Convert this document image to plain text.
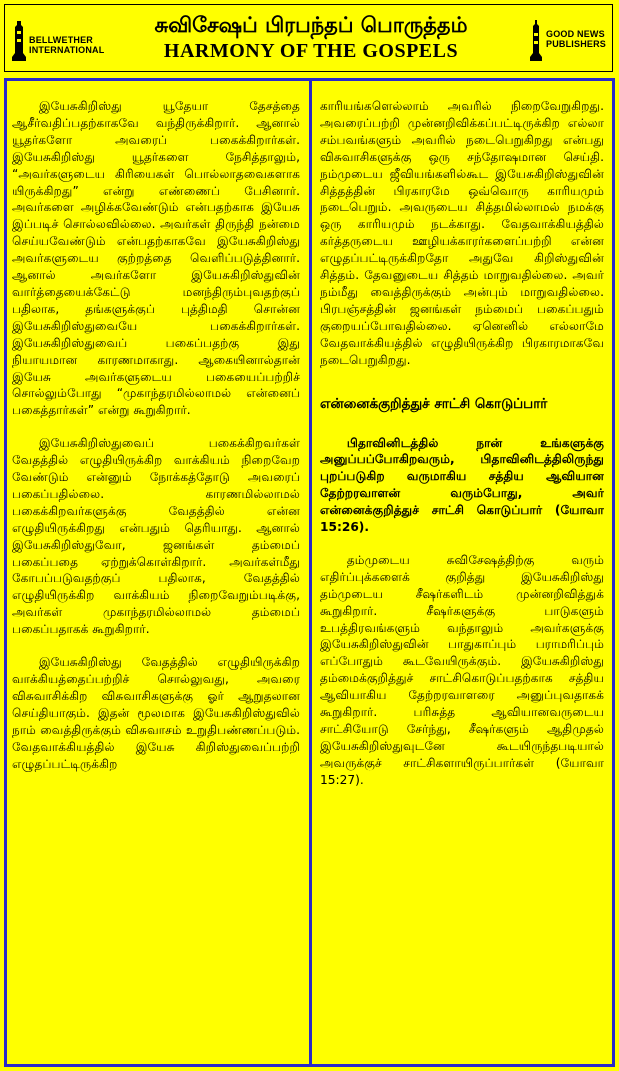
BELLWETHER
INTERNATIONAL
சுவிசேஷப் பிரபந்தப் பொருத்தம்
HARMONY OF THE GOSPELS
GOOD NEWS
PUBLISHERS

இயேசுகிறிஸ்து யூதேயா தேசத்தை ஆசீர்வதிப்பதற்காகவே வந்திருக்கிறார். ஆனால் யூதர்களோ அவரைப் பகைக்கிறார்கள். இயேசுகிறிஸ்து யூதர்களை நேசித்தாலும், “அவர்களுடைய கிரியைகள் பொல்லாதவைகளாக யிருக்கிறது” என்று எண்ணைப் பேசினார். அவர்களை அழிக்கவேண்டும் என்பதற்காக இயேசு இப்படிச் சொல்லவில்லை. அவர்கள் திருந்தி நன்மை செய்யவேண்டும் என்பதற்காகவே இயேசுகிறிஸ்து அவர்களுடைய குற்றத்தை வெளிப்படுத்தினார். ஆனால் அவர்களோ இயேசுகிறிஸ்துவின் வார்த்தையைக்கேட்டு மனந்திரும்புவதற்குப் பதிலாக, தங்களுக்குப் புத்திமதி சொன்ன இயேசுகிறிஸ்துவையே பகைக்கிறார்கள். இயேசுகிறிஸ்துவைப் பகைப்பதற்கு இது நியாயமான காரணமாகாது. ஆகையினால்தான் இயேசு அவர்களுடைய பகையைப்பற்றிச் சொல்லும்போது “முகாந்தரமில்லாமல் என்னைப் பகைத்தார்கள்” என்று கூறுகிறார்.

இயேசுகிறிஸ்துவைப் பகைக்கிறவர்கள் வேதத்தில் எழுதியிருக்கிற வாக்கியம் நிறைவேற வேண்டும் என்னும் நோக்கத்தோடு அவரைப் பகைப்பதில்லை. காரணமில்லாமல் பகைக்கிறவர்களுக்கு வேதத்தில் என்ன எழுதியிருக்கிறது என்பதும் தெரியாது. ஆனால் இயேசுகிறிஸ்துவோ, ஜனங்கள் தம்மைப் பகைப்பதை ஏற்றுக்கொள்கிறார். அவர்கள்மீது கோபப்படுவதற்குப் பதிலாக, வேதத்தில் எழுதியிருக்கிற வாக்கியம் நிறைவேறும்படிக்கு, அவர்கள் முகாந்தரமில்லாமல் தம்மைப் பகைப்பதாகக் கூறுகிறார்.

இயேசுகிறிஸ்து வேதத்தில் எழுதியிருக்கிற வாக்கியத்தைப்பற்றிச் சொல்லுவது, அவரை விசுவாசிக்கிற விசுவாசிகளுக்கு ஓர் ஆறுதலான செய்தியாகும். இதன் மூலமாக இயேசுகிறிஸ்துவில் நாம் வைத்திருக்கும் விசுவாசம் உறுதிபண்ணப்படும். வேதவாக்கியத்தில் இயேசு கிறிஸ்துவைப்பற்றி எழுதப்பட்டிருக்கிற

காரியங்களெல்லாம் அவரில் நிறைவேறுகிறது. அவரைப்பற்றி முன்னறிவிக்கப்பட்டிருக்கிற எல்லா சம்பவங்களும் அவரில் நடைபெறுகிறது என்பது விசுவாசிகளுக்கு ஒரு சந்தோஷமான செய்தி. நம்முடைய ஜீவியங்களில்கூட இயேசுகிறிஸ்துவின் சித்தத்தின் பிரகாரமே ஒவ்வொரு காரியமும் நடைபெறும். அவருடைய சித்தமில்லாமல் நமக்கு ஒரு காரியமும் நடக்காது. வேதவாக்கியத்தில் கர்த்தருடைய ஊழியக்காரர்களைப்பற்றி என்ன எழுதப்பட்டிருக்கிறதோ அதுவே கிறிஸ்துவின் சித்தம். தேவனுடைய சித்தம் மாறுவதில்லை. அவர் நம்மீது வைத்திருக்கும் அன்பும் மாறுவதில்லை. பிரபஞ்சத்தின் ஜனங்கள் நம்மைப் பகைப்பதும் குறையப்போவதில்லை. ஏனெனில் எல்லாமே வேதவாக்கியத்தில் எழுதியிருக்கிற பிரகாரமாகவே நடைபெறுகிறது.

என்னைக்குறித்துச் சாட்சி கொடுப்பார்

பிதாவினிடத்தில் நான் உங்களுக்கு அனுப்பப்போகிறவரும், பிதாவினிடத்திலிருந்து புறப்படுகிற வருமாகிய சத்திய ஆவியான தேற்றரவாளன் வரும்போது, அவர் என்னைக்குறித்துச் சாட்சி கொடுப்பார் (யோவா 15:26).

தம்முடைய சுவிசேஷத்திற்கு வரும் எதிர்ப்புக்களைக் குறித்து இயேசுகிறிஸ்து தம்முடைய சீஷர்களிடம் முன்னறிவித்துக் கூறுகிறார். சீஷர்களுக்கு பாடுகளும் உபத்திரவங்களும் வந்தாலும் அவர்களுக்கு இயேசுகிறிஸ்துவின் பாதுகாப்பும் பராமரிப்பும் எப்போதும் கூடவேயிருக்கும். இயேசுகிறிஸ்து தம்மைக்குறித்துச் சாட்சிகொடுப்பதற்காக சத்திய ஆவியாகிய தேற்றரவாளரை அனுப்புவதாகக் கூறுகிறார். பரிசுத்த ஆவியானவருடைய சாட்சியோடு சேர்ந்து, சீஷர்களும் ஆதிமுதல் இயேசுகிறிஸ்துவுடனே கூடயிருந்தபடியால் அவருக்குச் சாட்சிகளாயிருப்பார்கள் (யோவா 15:27).
